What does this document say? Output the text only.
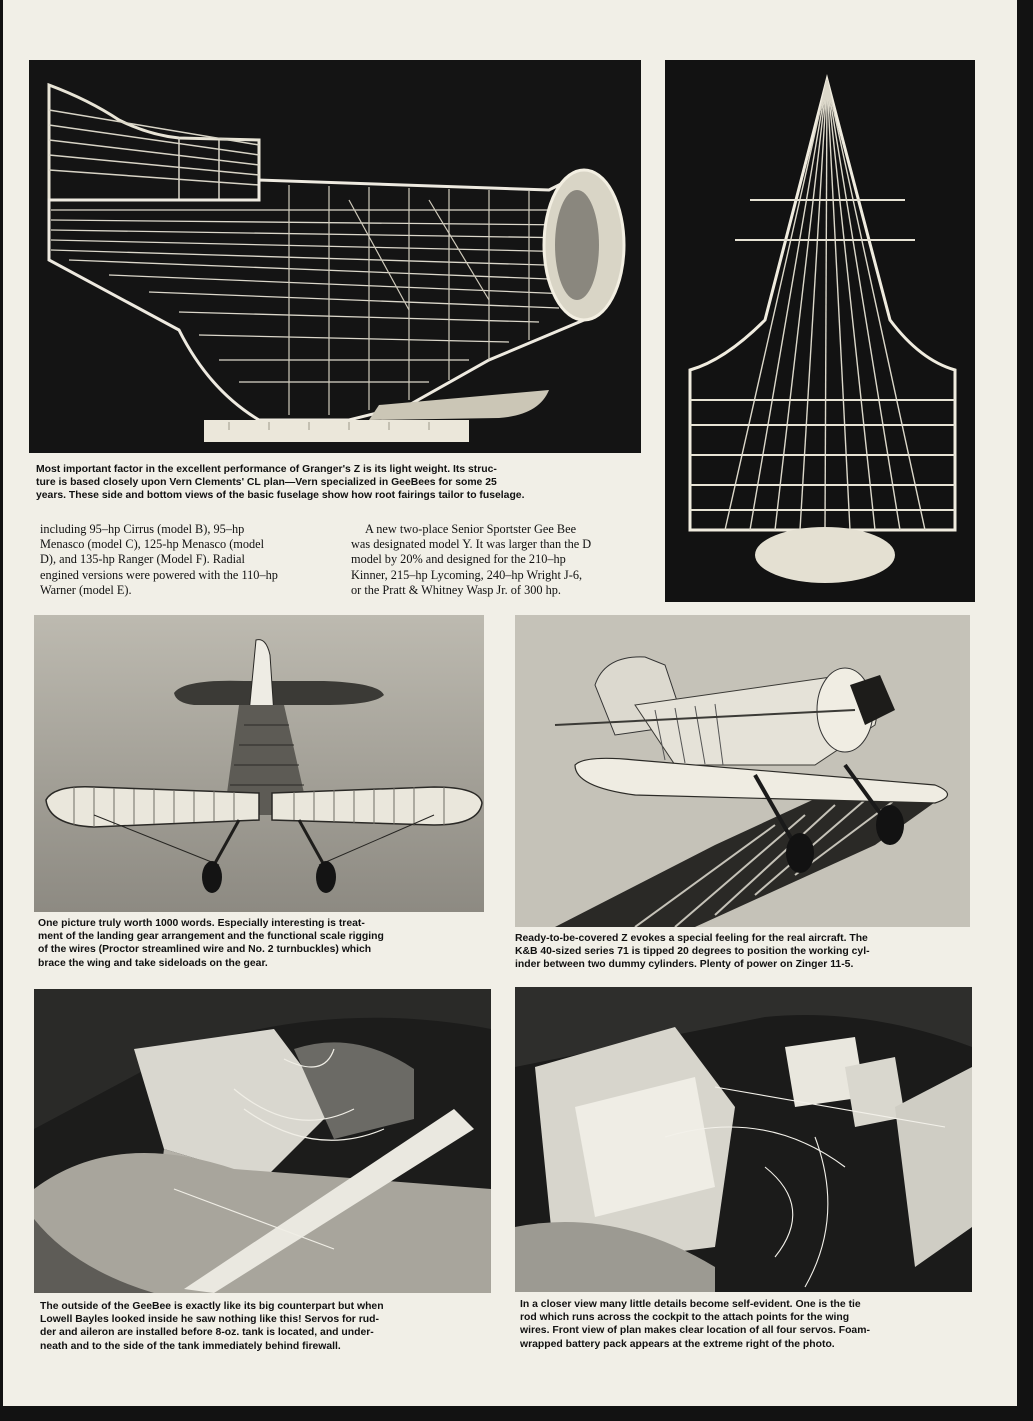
Most important factor in the excellent performance of Granger's Z is its light weight. Its struc-
ture is based closely upon Vern Clements' CL plan—Vern specialized in GeeBees for some 25
years. These side and bottom views of the basic fuselage show how root fairings tailor to fuselage.

including 95–hp Cirrus (model B), 95–hp
Menasco (model C), 125-hp Menasco (model
D), and 135-hp Ranger (Model F). Radial
engined versions were powered with the 110–hp
Warner (model E).
A new two-place Senior Sportster Gee Bee
was designated model Y. It was larger than the D
model by 20% and designed for the 210–hp
Kinner, 215–hp Lycoming, 240–hp Wright J-6,
or the Pratt & Whitney Wasp Jr. of 300 hp.

One picture truly worth 1000 words. Especially interesting is treat-
ment of the landing gear arrangement and the functional scale rigging
of the wires (Proctor streamlined wire and No. 2 turnbuckles) which
brace the wing and take sideloads on the gear.

Ready-to-be-covered Z evokes a special feeling for the real aircraft. The
K&B 40-sized series 71 is tipped 20 degrees to position the working cyl-
inder between two dummy cylinders. Plenty of power on Zinger 11-5.

The outside of the GeeBee is exactly like its big counterpart but when
Lowell Bayles looked inside he saw nothing like this! Servos for rud-
der and aileron are installed before 8-oz. tank is located, and under-
neath and to the side of the tank immediately behind firewall.

In a closer view many little details become self-evident. One is the tie
rod which runs across the cockpit to the attach points for the wing
wires. Front view of plan makes clear location of all four servos. Foam-
wrapped battery pack appears at the extreme right of the photo.
